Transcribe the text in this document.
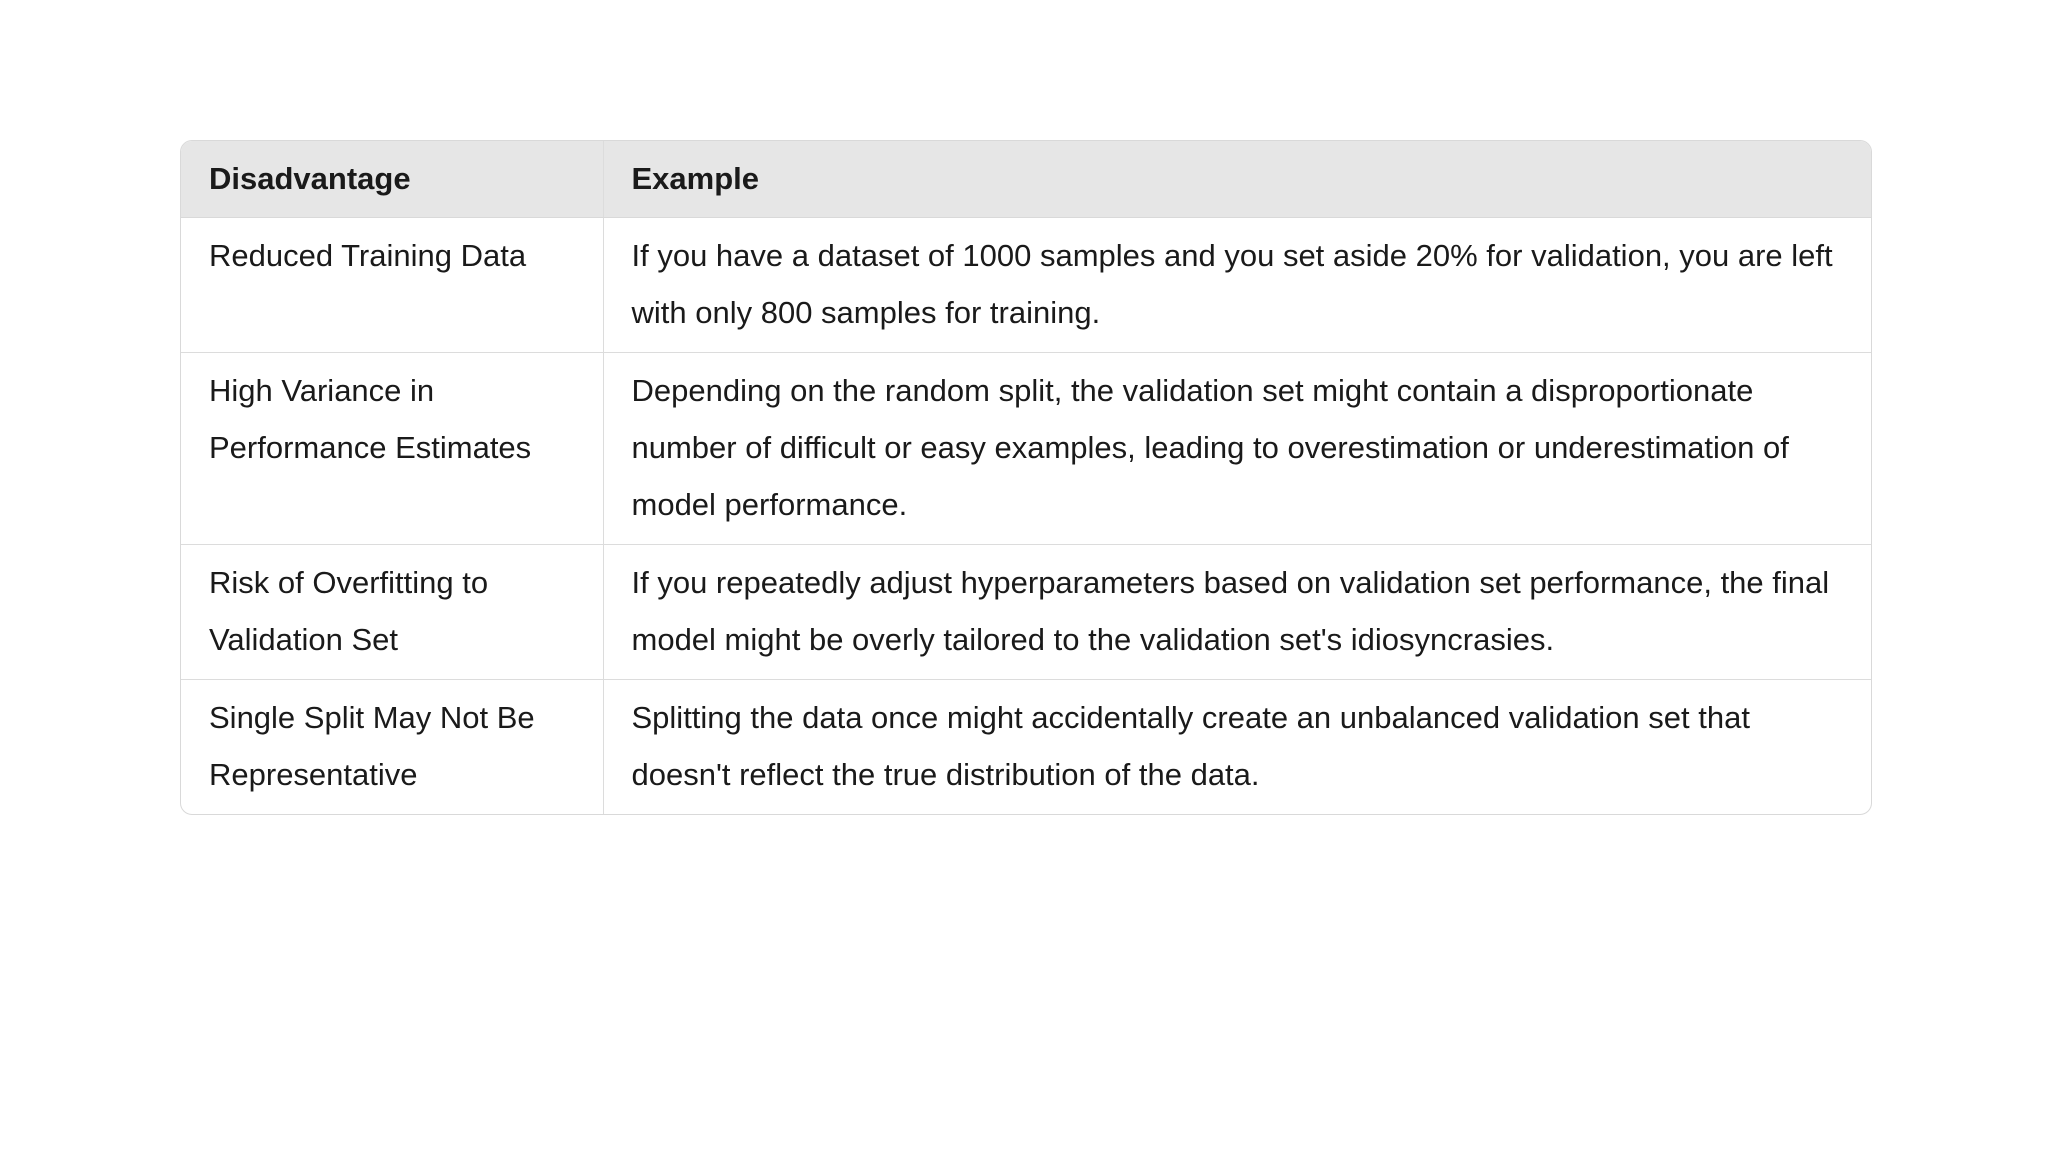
Disadvantage	Example
Reduced Training Data	If you have a dataset of 1000 samples and you set aside 20% for validation, you are left with only 800 samples for training.
High Variance in Performance Estimates	Depending on the random split, the validation set might contain a disproportionate number of difficult or easy examples, leading to overestimation or underestimation of model performance.
Risk of Overfitting to Validation Set	If you repeatedly adjust hyperparameters based on validation set performance, the final model might be overly tailored to the validation set's idiosyncrasies.
Single Split May Not Be Representative	Splitting the data once might accidentally create an unbalanced validation set that doesn't reflect the true distribution of the data.
